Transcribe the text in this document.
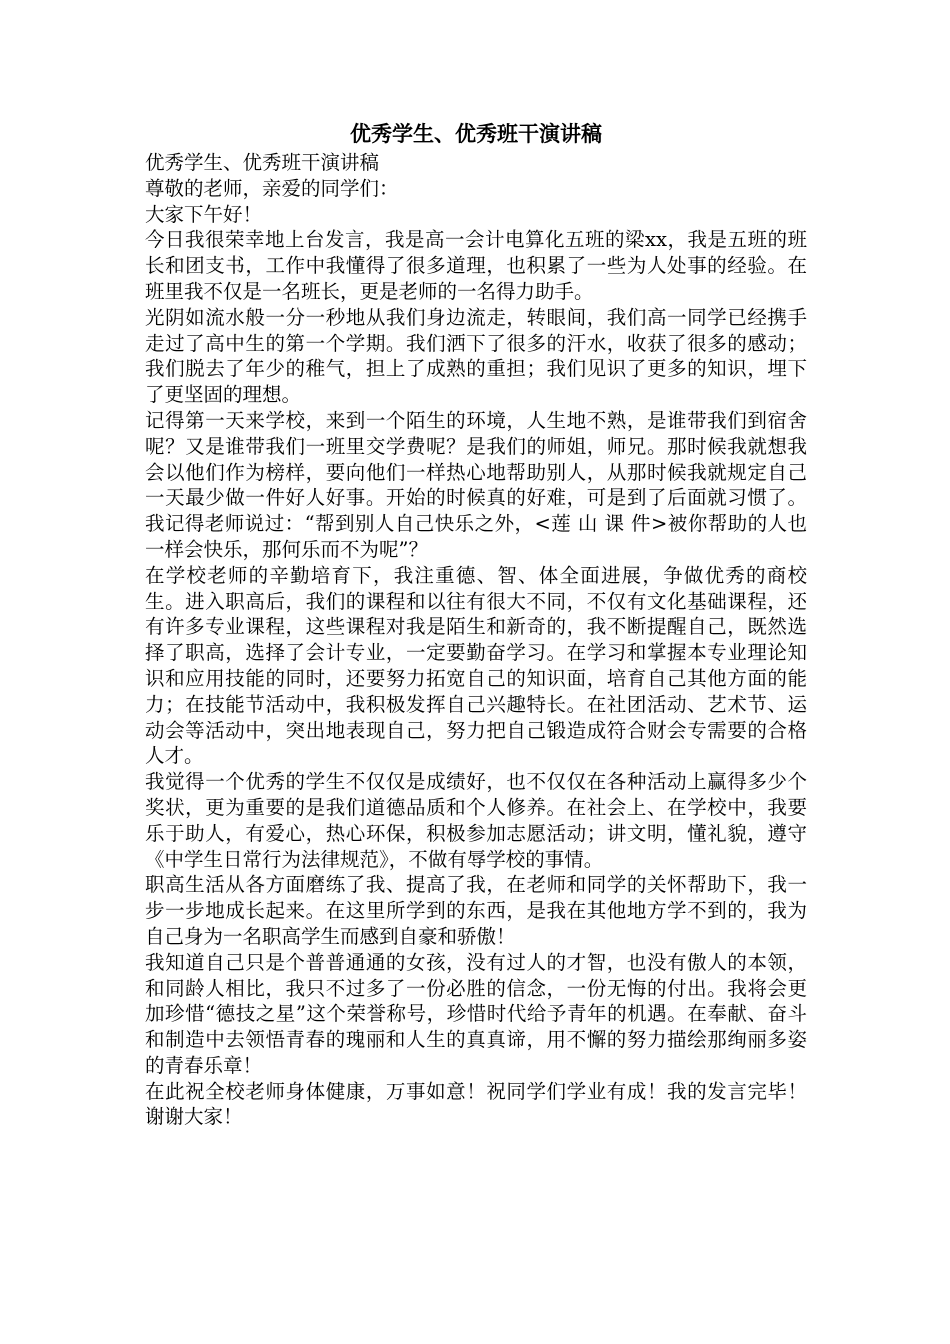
优秀学生、优秀班干演讲稿

优秀学生、优秀班干演讲稿

尊敬的老师，亲爱的同学们：

大家下午好！

今日我很荣幸地上台发言，我是高一会计电算化五班的梁xx，我是五班的班长和团支书，工作中我懂得了很多道理，也积累了一些为人处事的经验。在班里我不仅是一名班长，更是老师的一名得力助手。

光阴如流水般一分一秒地从我们身边流走，转眼间，我们高一同学已经携手走过了高中生的第一个学期。我们洒下了很多的汗水，收获了很多的感动；我们脱去了年少的稚气，担上了成熟的重担；我们见识了更多的知识，埋下了更坚固的理想。

记得第一天来学校，来到一个陌生的环境，人生地不熟，是谁带我们到宿舍呢？又是谁带我们一班里交学费呢？是我们的师姐，师兄。那时候我就想我会以他们作为榜样，要向他们一样热心地帮助别人，从那时候我就规定自己一天最少做一件好人好事。开始的时候真的好难，可是到了后面就习惯了。我记得老师说过：“帮到别人自己快乐之外，<莲 山 课 件>被你帮助的人也一样会快乐，那何乐而不为呢”？

在学校老师的辛勤培育下，我注重德、智、体全面进展，争做优秀的商校生。进入职高后，我们的课程和以往有很大不同，不仅有文化基础课程，还有许多专业课程，这些课程对我是陌生和新奇的，我不断提醒自己，既然选择了职高，选择了会计专业，一定要勤奋学习。在学习和掌握本专业理论知识和应用技能的同时，还要努力拓宽自己的知识面，培育自己其他方面的能力；在技能节活动中，我积极发挥自己兴趣特长。在社团活动、艺术节、运动会等活动中，突出地表现自己，努力把自己锻造成符合财会专需要的合格人才。

我觉得一个优秀的学生不仅仅是成绩好，也不仅仅在各种活动上赢得多少个奖状，更为重要的是我们道德品质和个人修养。在社会上、在学校中，我要乐于助人，有爱心，热心环保，积极参加志愿活动；讲文明，懂礼貌，遵守《中学生日常行为法律规范》，不做有辱学校的事情。

职高生活从各方面磨练了我、提高了我，在老师和同学的关怀帮助下，我一步一步地成长起来。在这里所学到的东西，是我在其他地方学不到的，我为自己身为一名职高学生而感到自豪和骄傲！

我知道自己只是个普普通通的女孩，没有过人的才智，也没有傲人的本领，和同龄人相比，我只不过多了一份必胜的信念，一份无悔的付出。我将会更加珍惜“德技之星”这个荣誉称号，珍惜时代给予青年的机遇。在奉献、奋斗和制造中去领悟青春的瑰丽和人生的真真谛，用不懈的努力描绘那绚丽多姿的青春乐章！

在此祝全校老师身体健康，万事如意！祝同学们学业有成！我的发言完毕！谢谢大家！
